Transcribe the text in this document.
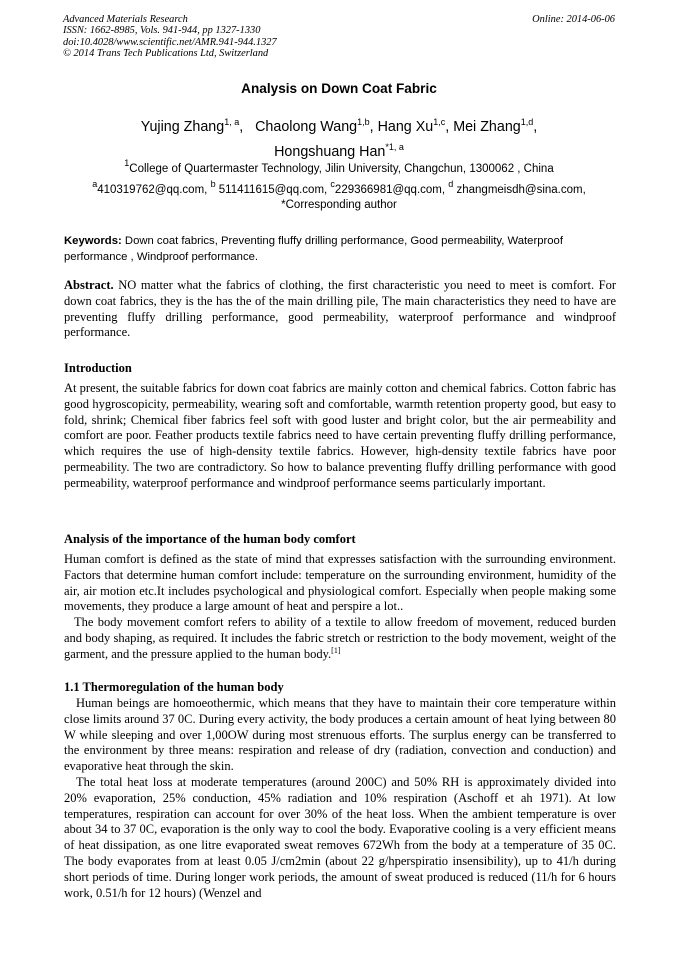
Advanced Materials Research
ISSN: 1662-8985, Vols. 941-944, pp 1327-1330
doi:10.4028/www.scientific.net/AMR.941-944.1327
© 2014 Trans Tech Publications Ltd, Switzerland
Online: 2014-06-06
Analysis on Down Coat Fabric
Yujing Zhang$^{1, a}$,   Chaolong Wang$^{1,b}$, Hang Xu$^{1,c}$, Mei Zhang$^{1,d}$,
Hongshuang Han$^{*1, a}$
$^1$College of Quartermaster Technology, Jilin University, Changchun, 1300062 , China
$^a$410319762@qq.com, $^b$ 511411615@qq.com, $^c$229366981@qq.com, $^d$ zhangmeisdh@sina.com,
*Corresponding author
Keywords: Down coat fabrics, Preventing fluffy drilling performance, Good permeability, Waterproof performance , Windproof performance.

Abstract. NO matter what the fabrics of clothing, the first characteristic you need to meet is comfort. For down coat fabrics, they is the has the of the main drilling pile, The main characteristics they need to have are preventing fluffy drilling performance, good permeability, waterproof performance and windproof performance.

Introduction

At present, the suitable fabrics for down coat fabrics are mainly cotton and chemical fabrics. Cotton fabric has good hygroscopicity, permeability, wearing soft and comfortable, warmth retention property good, but easy to fold, shrink; Chemical fiber fabrics feel soft with good luster and bright color, but the air permeability and comfort are poor. Feather products textile fabrics need to have certain preventing fluffy drilling performance, which requires the use of high-density textile fabrics. However, high-density textile fabrics have poor permeability. The two are contradictory. So how to balance preventing fluffy drilling performance with good permeability, waterproof performance and windproof performance seems particularly important.

Analysis of the importance of the human body comfort

Human comfort is defined as the state of mind that expresses satisfaction with the surrounding environment. Factors that determine human comfort include: temperature on the surrounding environment, humidity of the air, air motion etc.It includes psychological and physiological comfort. Especially when people making some movements, they produce a large amount of heat and perspire a lot..

The body movement comfort refers to ability of a textile to allow freedom of movement, reduced burden and body shaping, as required. It includes the fabric stretch or restriction to the body movement, weight of the garment, and the pressure applied to the human body.[1]

1.1 Thermoregulation of the human body

Human beings are homoeothermic, which means that they have to maintain their core temperature within close limits around 37 0C. During every activity, the body produces a certain amount of heat lying between 80 W while sleeping and over 1,00OW during most strenuous efforts. The surplus energy can be transferred to the environment by three means: respiration and release of dry (radiation, convection and conduction) and evaporative heat through the skin.

The total heat loss at moderate temperatures (around 200C) and 50% RH is approximately divided into 20% evaporation, 25% conduction, 45% radiation and 10% respiration (Aschoff et ah 1971). At low temperatures, respiration can account for over 30% of the heat loss. When the ambient temperature is over about 34 to 37 0C, evaporation is the only way to cool the body. Evaporative cooling is a very efficient means of heat dissipation, as one litre evaporated sweat removes 672Wh from the body at a temperature of 35 0C. The body evaporates from at least 0.05 J/cm2min (about 22 g/hperspiratio insensibility), up to 41/h during short periods of time. During longer work periods, the amount of sweat produced is reduced (11/h for 6 hours work, 0.51/h for 12 hours) (Wenzel and
